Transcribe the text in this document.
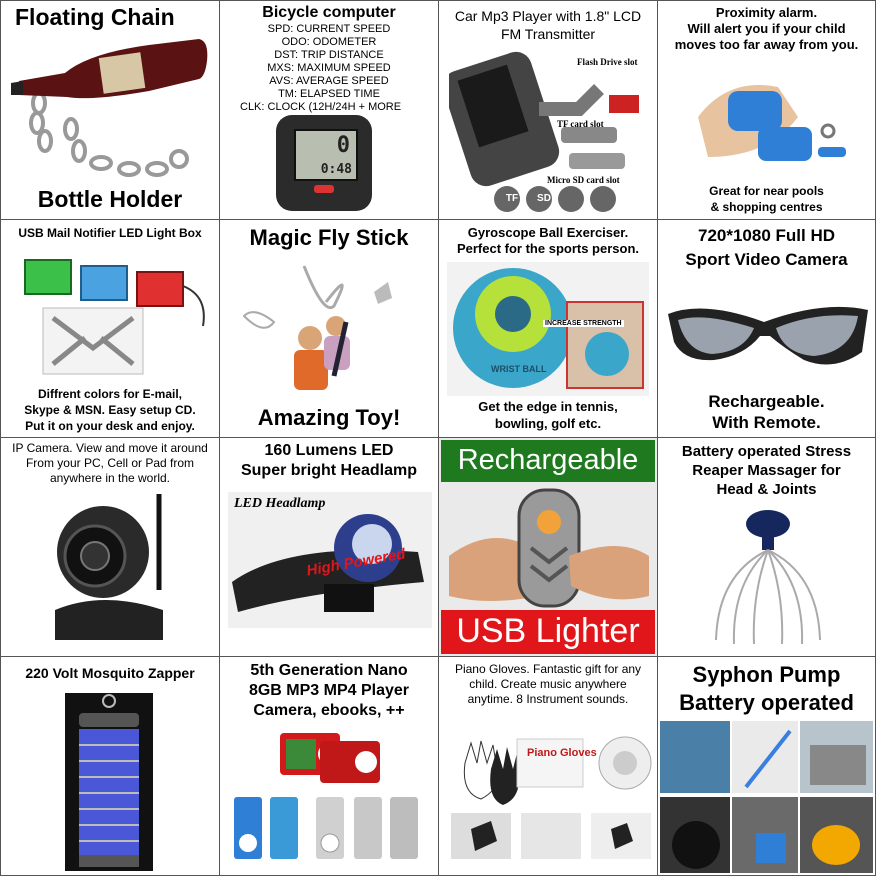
Floating Chain
Bottle Holder
Bicycle computer
SPD: CURRENT SPEED
ODO: ODOMETER
DST: TRIP DISTANCE
MXS: MAXIMUM SPEED
AVS: AVERAGE SPEED
TM: ELAPSED TIME
CLK: CLOCK (12H/24H + MORE
0
0:48
Car Mp3 Player with 1.8" LCD
FM Transmitter
Flash Drive slot
TF card slot
Micro SD card slot
TF	SD
Proximity alarm.
Will alert you if your child
moves too far away from you.
Great for near pools
& shopping centres
USB Mail Notifier LED Light Box
Diffrent colors for E-mail,
Skype & MSN. Easy setup CD.
Put it on your desk and enjoy.
Magic Fly Stick
Amazing Toy!
Gyroscope Ball Exerciser.
Perfect for the sports person.
INCREASE STRENGTH
WRIST BALL
Get the edge in tennis,
bowling, golf etc.
720*1080 Full HD
Sport Video Camera
Rechargeable.
With Remote.
IP Camera. View and move it around
From your PC, Cell or Pad from
anywhere in the world.
160 Lumens LED
Super bright Headlamp
LED Headlamp
High Powered
Rechargeable
USB Lighter
Battery operated Stress
Reaper Massager for
Head & Joints
220 Volt Mosquito Zapper	5th Generation Nano
8GB MP3 MP4 Player
Camera, ebooks, ++
Piano Gloves. Fantastic gift for any
child. Create music anywhere
anytime. 8 Instrument sounds.
Piano Gloves
Syphon Pump
Battery operated
